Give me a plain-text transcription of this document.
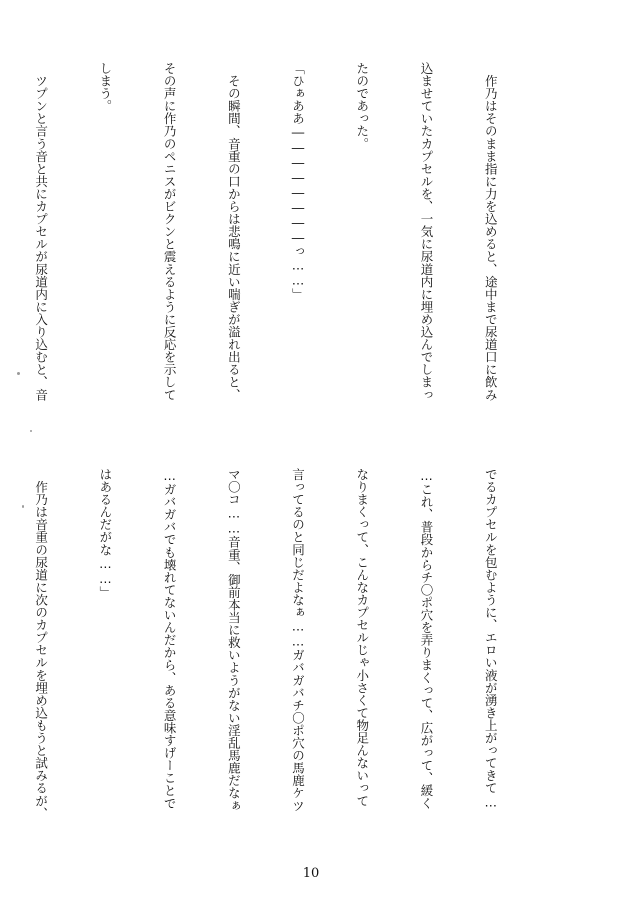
　作乃はそのまま指に力を込めると、途中まで尿道口に飲み

込ませていたカプセルを、一気に尿道内に埋め込んでしまっ

たのであった。

「ひぁああ――――――――っ……」

　その瞬間、音重の口からは悲鳴に近い喘ぎが溢れ出ると、

その声に作乃のペニスがビクンと震えるように反応を示して

しまう。

　ツプンと言う音と共にカプセルが尿道内に入り込むと、音

でるカプセルを包むように、エロい液が湧き上がってきて…

…これ、普段からチ〇ポ穴を弄りまくって、広がって、緩く

なりまくって、こんなカプセルじゃ小さくて物足んないって

言ってるのと同じだよなぁ……ガバガバチ〇ポ穴の馬鹿ケツ

マ〇コ……音重、御前本当に救いようがない淫乱馬鹿だなぁ

…ガバガバでも壊れてないんだから、ある意味すげーことで

はあるんだがな……」

　作乃は音重の尿道に次のカプセルを埋め込もうと試みるが、

10
